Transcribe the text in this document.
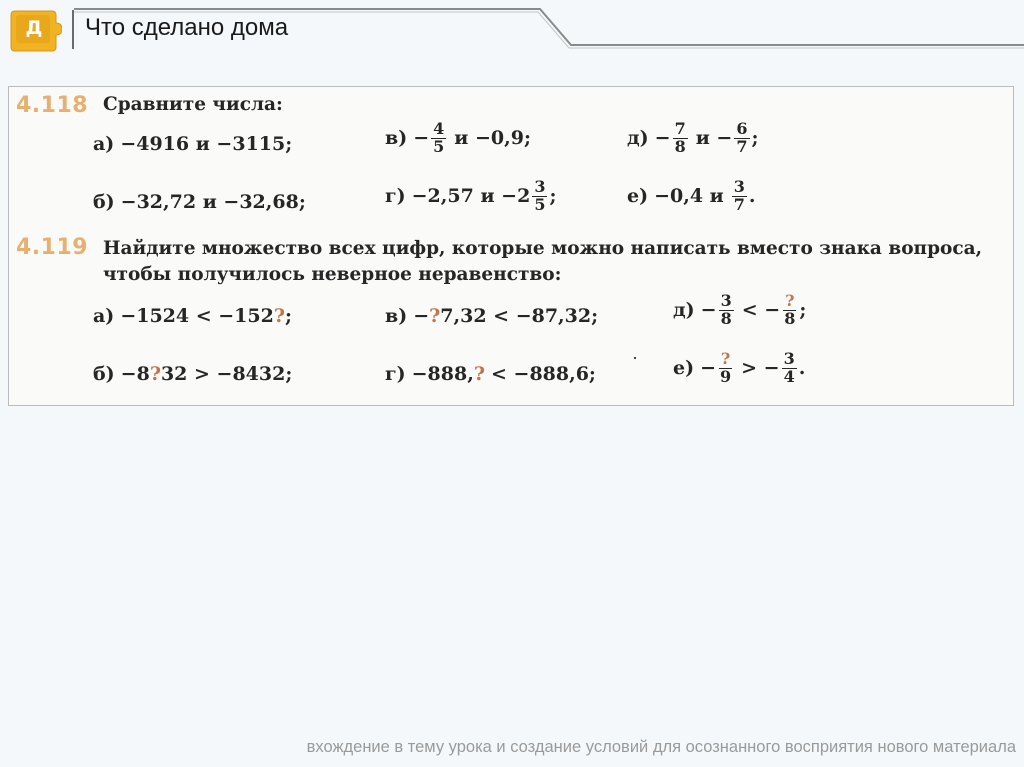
Д Что сделано дома
4.118 Сравните числа:
а) −4916 и −3115;	$в) - \frac{4}{5}$ и −0,9;	$д) - \frac{7}{8}$ $и - \frac{6}{7}$ ;
б) −32,72 и −32,68;	г) −2,57 $и -2 \frac{3}{5}$ ;	е) −0,4 и $\frac{3}{7}$ .
4.119 Найдите множество всех цифр, которые можно написать вместо знака вопроса,
чтобы получилось неверное неравенство:
а) −1524 < −152 ? ;	в) − ? 7,32 < −87,32;	$д) - \frac{3}{8}$ < − $\frac{?}{8}$ ;
б) −8 ? 32 > −8432;	г) −888, ? < −888,6;	$е) - \frac{?}{9}$ > − $\frac{3}{4}$ .
вхождение в тему урока и создание условий для осознанного восприятия нового материала
